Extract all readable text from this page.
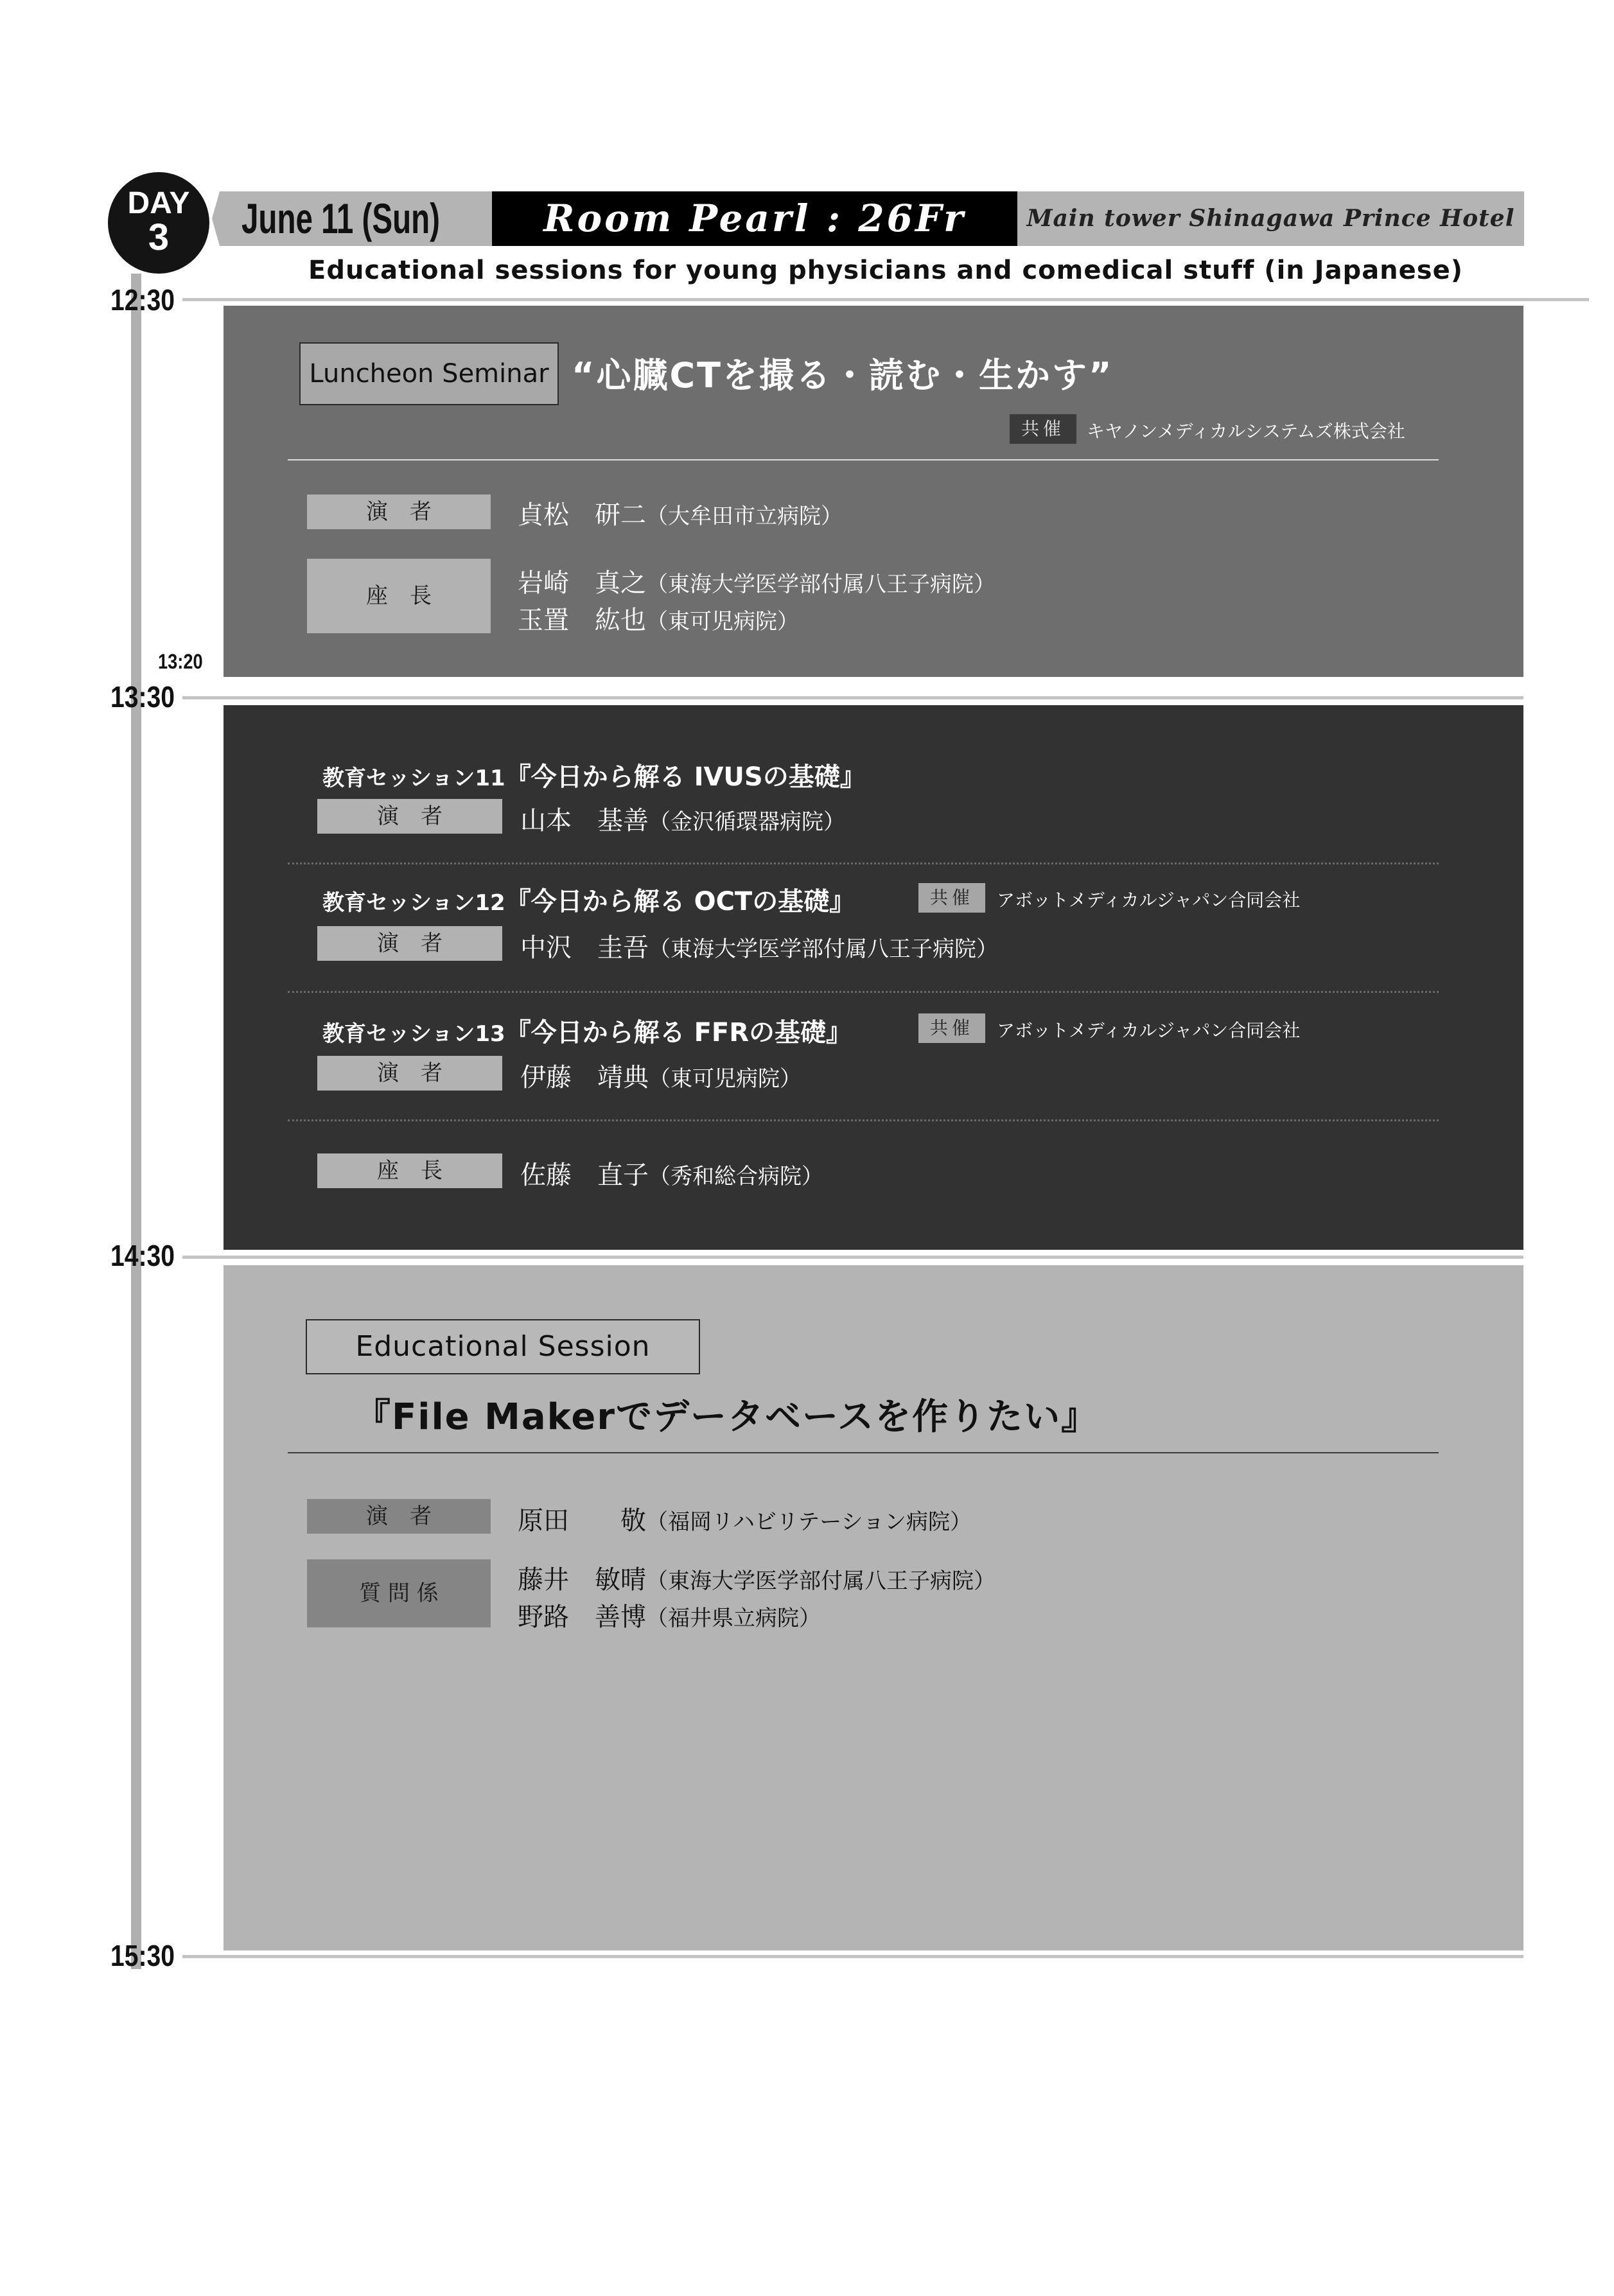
DAY
3	June 11 (Sun)	Room Pearl : 26Fr	Main tower Shinagawa Prince Hotel
Educational sessions for young physicians and comedical stuff (in Japanese)
12:30
13:20
13:30
14:30
15:30
Luncheon Seminar “心臓CTを撮る・読む・生かす”
共催	キヤノンメディカルシステムズ株式会社
演　者	貞松　研二（大牟田市立病院）
座　長	岩崎　真之（東海大学医学部付属八王子病院）
玉置　紘也（東可児病院）
教育セッション11『今日から解る IVUSの基礎』
演　者	山本　基善（金沢循環器病院）
教育セッション12『今日から解る OCTの基礎』	共催	アボットメディカルジャパン合同会社
演　者	中沢　圭吾（東海大学医学部付属八王子病院）
教育セッション13『今日から解る FFRの基礎』	共催	アボットメディカルジャパン合同会社
演　者	伊藤　靖典（東可児病院）
座　長	佐藤　直子（秀和総合病院）
Educational Session
『File Makerでデータベースを作りたい』
演　者	原田　　敬（福岡リハビリテーション病院）
質 問 係	藤井　敏晴（東海大学医学部付属八王子病院）
野路　善博（福井県立病院）
